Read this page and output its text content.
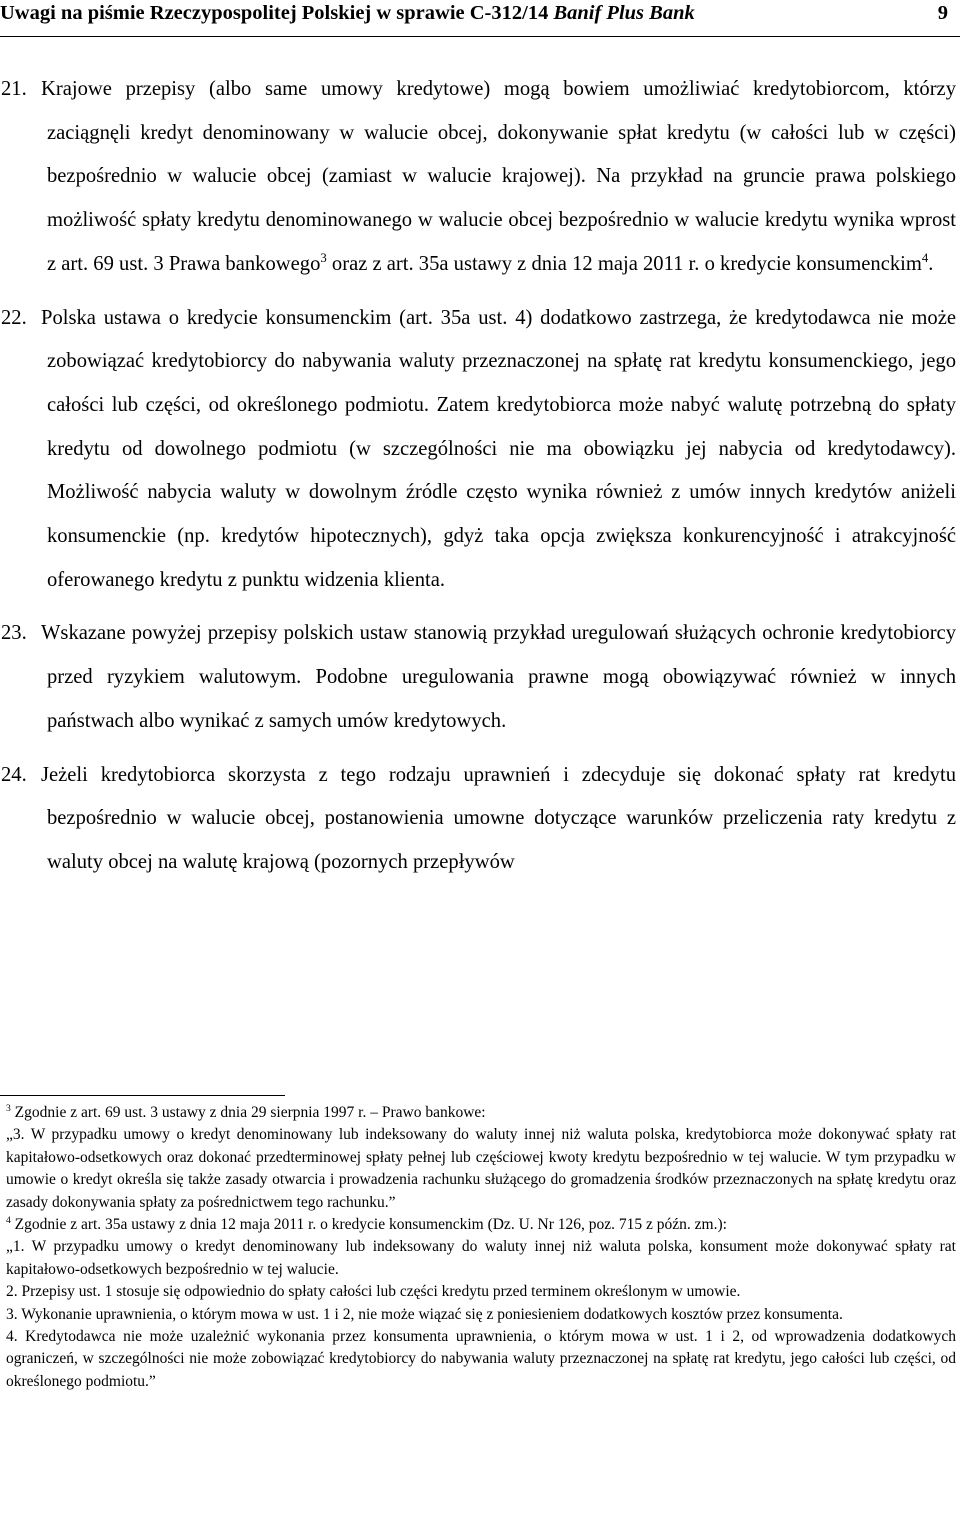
Uwagi na piśmie Rzeczypospolitej Polskiej w sprawie C-312/14 Banif Plus Bank	9

21. Krajowe przepisy (albo same umowy kredytowe) mogą bowiem umożliwiać kredytobiorcom, którzy zaciągnęli kredyt denominowany w walucie obcej, dokonywanie spłat kredytu (w całości lub w części) bezpośrednio w walucie obcej (zamiast w walucie krajowej). Na przykład na gruncie prawa polskiego możliwość spłaty kredytu denominowanego w walucie obcej bezpośrednio w walucie kredytu wynika wprost z art. 69 ust. 3 Prawa bankowego$^3$ oraz z art. 35a ustawy z dnia 12 maja 2011 r. o kredycie konsumenckim$^4$.

22. Polska ustawa o kredycie konsumenckim (art. 35a ust. 4) dodatkowo zastrzega, że kredytodawca nie może zobowiązać kredytobiorcy do nabywania waluty przeznaczonej na spłatę rat kredytu konsumenckiego, jego całości lub części, od określonego podmiotu. Zatem kredytobiorca może nabyć walutę potrzebną do spłaty kredytu od dowolnego podmiotu (w szczególności nie ma obowiązku jej nabycia od kredytodawcy). Możliwość nabycia waluty w dowolnym źródle często wynika również z umów innych kredytów aniżeli konsumenckie (np. kredytów hipotecznych), gdyż taka opcja zwiększa konkurencyjność i atrakcyjność oferowanego kredytu z punktu widzenia klienta.

23. Wskazane powyżej przepisy polskich ustaw stanowią przykład uregulowań służących ochronie kredytobiorcy przed ryzykiem walutowym. Podobne uregulowania prawne mogą obowiązywać również w innych państwach albo wynikać z samych umów kredytowych.

24. Jeżeli kredytobiorca skorzysta z tego rodzaju uprawnień i zdecyduje się dokonać spłaty rat kredytu bezpośrednio w walucie obcej, postanowienia umowne dotyczące warunków przeliczenia raty kredytu z waluty obcej na walutę krajową (pozornych przepływów

$^3$ Zgodnie z art. 69 ust. 3 ustawy z dnia 29 sierpnia 1997 r. – Prawo bankowe:

„3. W przypadku umowy o kredyt denominowany lub indeksowany do waluty innej niż waluta polska, kredytobiorca może dokonywać spłaty rat kapitałowo-odsetkowych oraz dokonać przedterminowej spłaty pełnej lub częściowej kwoty kredytu bezpośrednio w tej walucie. W tym przypadku w umowie o kredyt określa się także zasady otwarcia i prowadzenia rachunku służącego do gromadzenia środków przeznaczonych na spłatę kredytu oraz zasady dokonywania spłaty za pośrednictwem tego rachunku.”

$^4$ Zgodnie z art. 35a ustawy z dnia 12 maja 2011 r. o kredycie konsumenckim (Dz. U. Nr 126, poz. 715 z późn. zm.):

„1. W przypadku umowy o kredyt denominowany lub indeksowany do waluty innej niż waluta polska, konsument może dokonywać spłaty rat kapitałowo-odsetkowych bezpośrednio w tej walucie.

2. Przepisy ust. 1 stosuje się odpowiednio do spłaty całości lub części kredytu przed terminem określonym w umowie.

3. Wykonanie uprawnienia, o którym mowa w ust. 1 i 2, nie może wiązać się z poniesieniem dodatkowych kosztów przez konsumenta.

4. Kredytodawca nie może uzależnić wykonania przez konsumenta uprawnienia, o którym mowa w ust. 1 i 2, od wprowadzenia dodatkowych ograniczeń, w szczególności nie może zobowiązać kredytobiorcy do nabywania waluty przeznaczonej na spłatę rat kredytu, jego całości lub części, od określonego podmiotu.”
